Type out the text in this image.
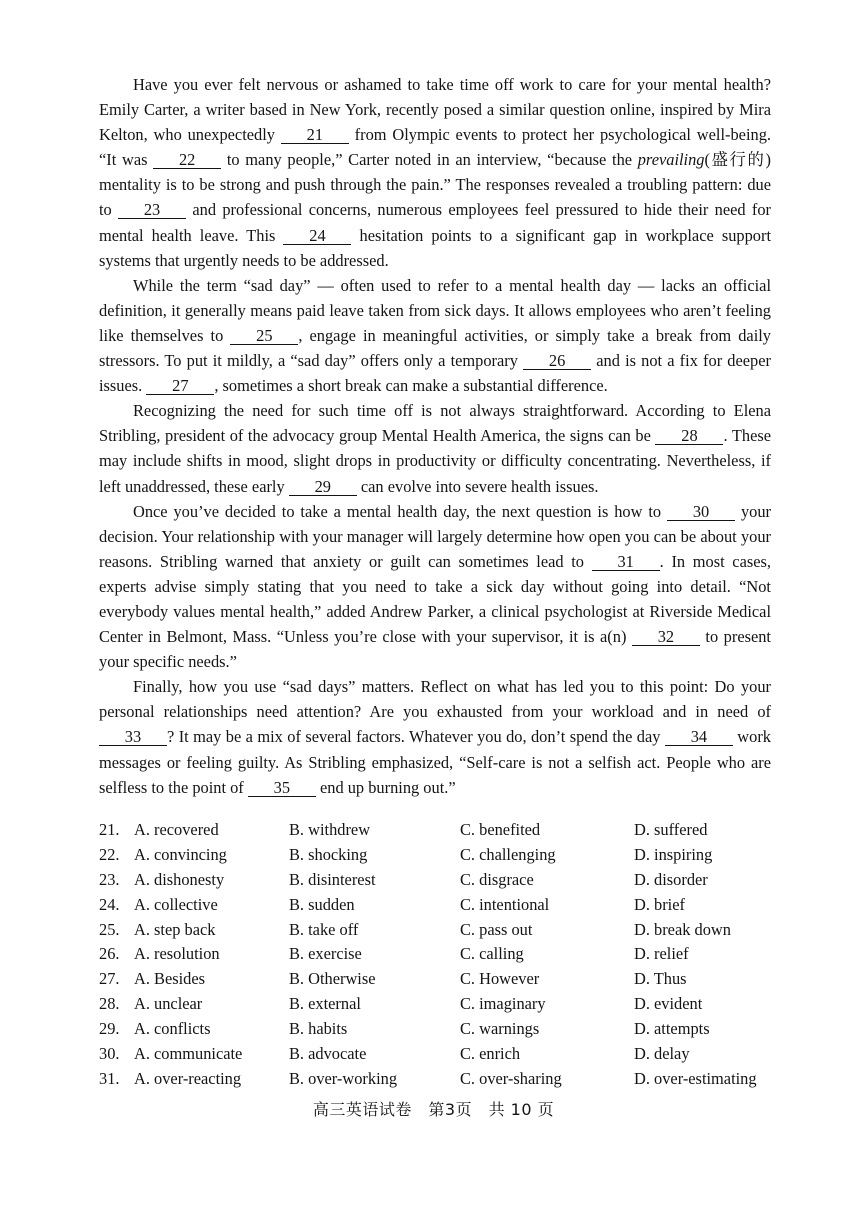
Have you ever felt nervous or ashamed to take time off work to care for your mental health? Emily Carter, a writer based in New York, recently posed a similar question online, inspired by Mira Kelton, who unexpectedly 21 from Olympic events to protect her psychological well-being. “It was 22 to many people,” Carter noted in an interview, “because the prevailing(盛行的) mentality is to be strong and push through the pain.” The responses revealed a troubling pattern: due to 23 and professional concerns, numerous employees feel pressured to hide their need for mental health leave. This 24 hesitation points to a significant gap in workplace support systems that urgently needs to be addressed.

While the term “sad day” — often used to refer to a mental health day — lacks an official definition, it generally means paid leave taken from sick days. It allows employees who aren’t feeling like themselves to 25 , engage in meaningful activities, or simply take a break from daily stressors. To put it mildly, a “sad day” offers only a temporary 26 and is not a fix for deeper issues. 27 , sometimes a short break can make a substantial difference.

Recognizing the need for such time off is not always straightforward. According to Elena Stribling, president of the advocacy group Mental Health America, the signs can be 28 . These may include shifts in mood, slight drops in productivity or difficulty concentrating. Nevertheless, if left unaddressed, these early 29 can evolve into severe health issues.

Once you’ve decided to take a mental health day, the next question is how to 30 your decision. Your relationship with your manager will largely determine how open you can be about your reasons. Stribling warned that anxiety or guilt can sometimes lead to 31 . In most cases, experts advise simply stating that you need to take a sick day without going into detail. “Not everybody values mental health,” added Andrew Parker, a clinical psychologist at Riverside Medical Center in Belmont, Mass. “Unless you’re close with your supervisor, it is a(n) 32 to present your specific needs.”

Finally, how you use “sad days” matters. Reflect on what has led you to this point: Do your personal relationships need attention? Are you exhausted from your workload and in need of 33 ? It may be a mix of several factors. Whatever you do, don’t spend the day 34 work messages or feeling guilty. As Stribling emphasized, “Self-care is not a selfish act. People who are selfless to the point of 35 end up burning out.”

21. A. recovered	B. withdrew	C. benefited	D. suffered
22. A. convincing	B. shocking	C. challenging	D. inspiring
23. A. dishonesty	B. disinterest	C. disgrace	D. disorder
24. A. collective	B. sudden	C. intentional	D. brief
25. A. step back	B. take off	C. pass out	D. break down
26. A. resolution	B. exercise	C. calling	D. relief
27. A. Besides	B. Otherwise	C. However	D. Thus
28. A. unclear	B. external	C. imaginary	D. evident
29. A. conflicts	B. habits	C. warnings	D. attempts
30. A. communicate	B. advocate	C. enrich	D. delay
31. A. over-reacting	B. over-working	C. over-sharing	D. over-estimating
高三英语试卷　第3页　共 10 页
